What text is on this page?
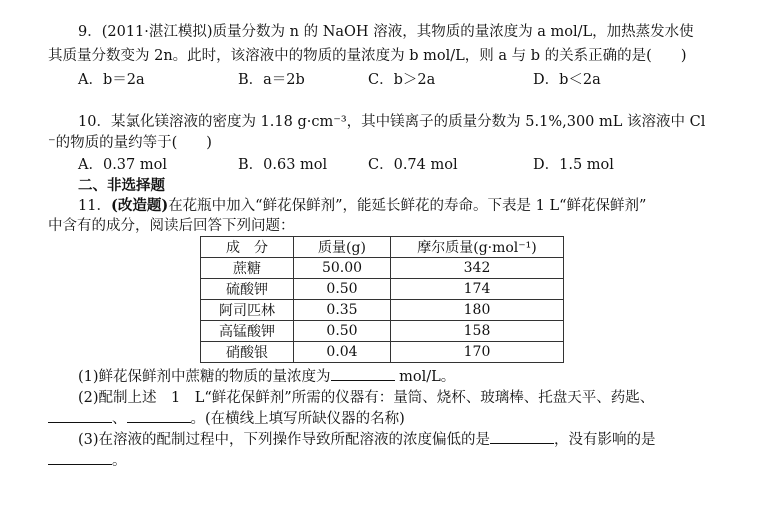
9．(2011·湛江模拟)质量分数为 n 的 NaOH 溶液，其物质的量浓度为 a mol/L，加热蒸发水使
其质量分数变为 2n。此时，该溶液中的物质的量浓度为 b mol/L，则 a 与 b 的关系正确的是(　　)
A．b＝2a	B．a＝2b	C．b＞2a	D．b＜2a
10．某氯化镁溶液的密度为 1.18 g·cm⁻³，其中镁离子的质量分数为 5.1%,300 mL 该溶液中 Cl
⁻的物质的量约等于(　　)
A．0.37 mol	B．0.63 mol	C．0.74 mol	D．1.5 mol
二、非选择题
11．(改造题)在花瓶中加入“鲜花保鲜剂”，能延长鲜花的寿命。下表是 1 L“鲜花保鲜剂”
中含有的成分，阅读后回答下列问题：
成　分	质量(g)	摩尔质量(g·mol⁻¹)
蔗糖	50.00	342
硫酸钾	0.50	174
阿司匹林	0.35	180
高锰酸钾	0.50	158
硝酸银	0.04	170
(1)鲜花保鲜剂中蔗糖的物质的量浓度为	mol/L。
(2)配制上述　1　L“鲜花保鲜剂”所需的仪器有：量筒、烧杯、玻璃棒、托盘天平、药匙、
、	。(在横线上填写所缺仪器的名称)
(3)在溶液的配制过程中，下列操作导致所配溶液的浓度偏低的是	，没有影响的是
。
